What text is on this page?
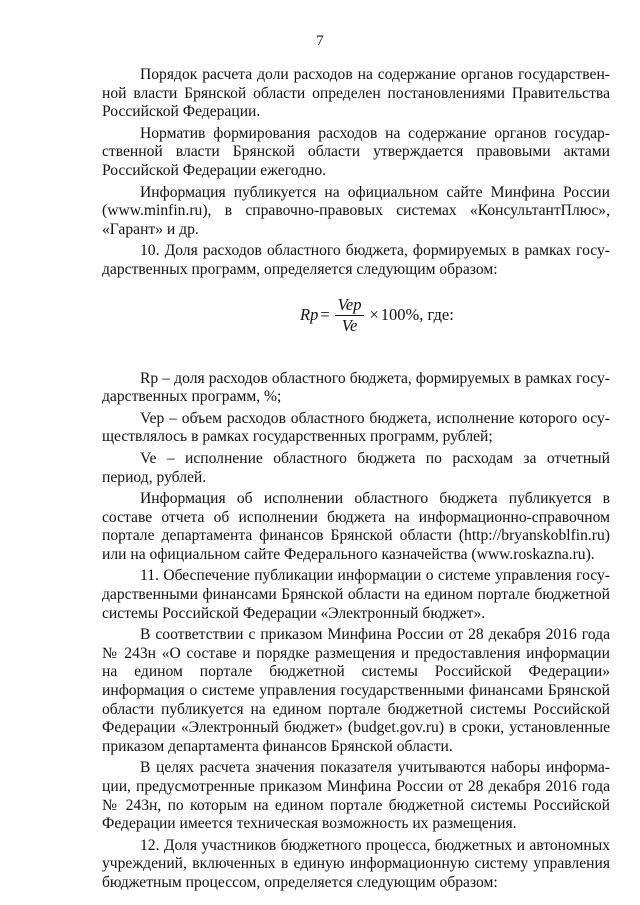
7

Порядок расчета доли расходов на содержание органов государственной власти Брянской области определен постановлениями Правительства Российской Федерации.

Норматив формирования расходов на содержание органов государственной власти Брянской области утверждается правовыми актами Российской Федерации ежегодно.

Информация публикуется на официальном сайте Минфина России (www.minfin.ru), в справочно-правовых системах «КонсультантПлюс», «Гарант» и др.

10. Доля расходов областного бюджета, формируемых в рамках государственных программ, определяется следующим образом:

$Rp = \frac{\text{Vep}}{Ve} \times 100\%$ , где:

Rp – доля расходов областного бюджета, формируемых в рамках государственных программ, %;

Vep – объем расходов областного бюджета, исполнение которого осуществлялось в рамках государственных программ, рублей;

Ve – исполнение областного бюджета по расходам за отчетный период, рублей.

Информация об исполнении областного бюджета публикуется в составе отчета об исполнении бюджета на информационно-справочном портале департамента финансов Брянской области (http://bryanskoblfin.ru) или на официальном сайте Федерального казначейства (www.roskazna.ru).

11. Обеспечение публикации информации о системе управления государственными финансами Брянской области на едином портале бюджетной системы Российской Федерации «Электронный бюджет».

В соответствии с приказом Минфина России от 28 декабря 2016 года № 243н «О составе и порядке размещения и предоставления информации на едином портале бюджетной системы Российской Федерации» информация о системе управления государственными финансами Брянской области публикуется на едином портале бюджетной системы Российской Федерации «Электронный бюджет» (budget.gov.ru) в сроки, установленные приказом департамента финансов Брянской области.

В целях расчета значения показателя учитываются наборы информации, предусмотренные приказом Минфина России от 28 декабря 2016 года № 243н, по которым на едином портале бюджетной системы Российской Федерации имеется техническая возможность их размещения.

12. Доля участников бюджетного процесса, бюджетных и автономных учреждений, включенных в единую информационную систему управления бюджетным процессом, определяется следующим образом:
